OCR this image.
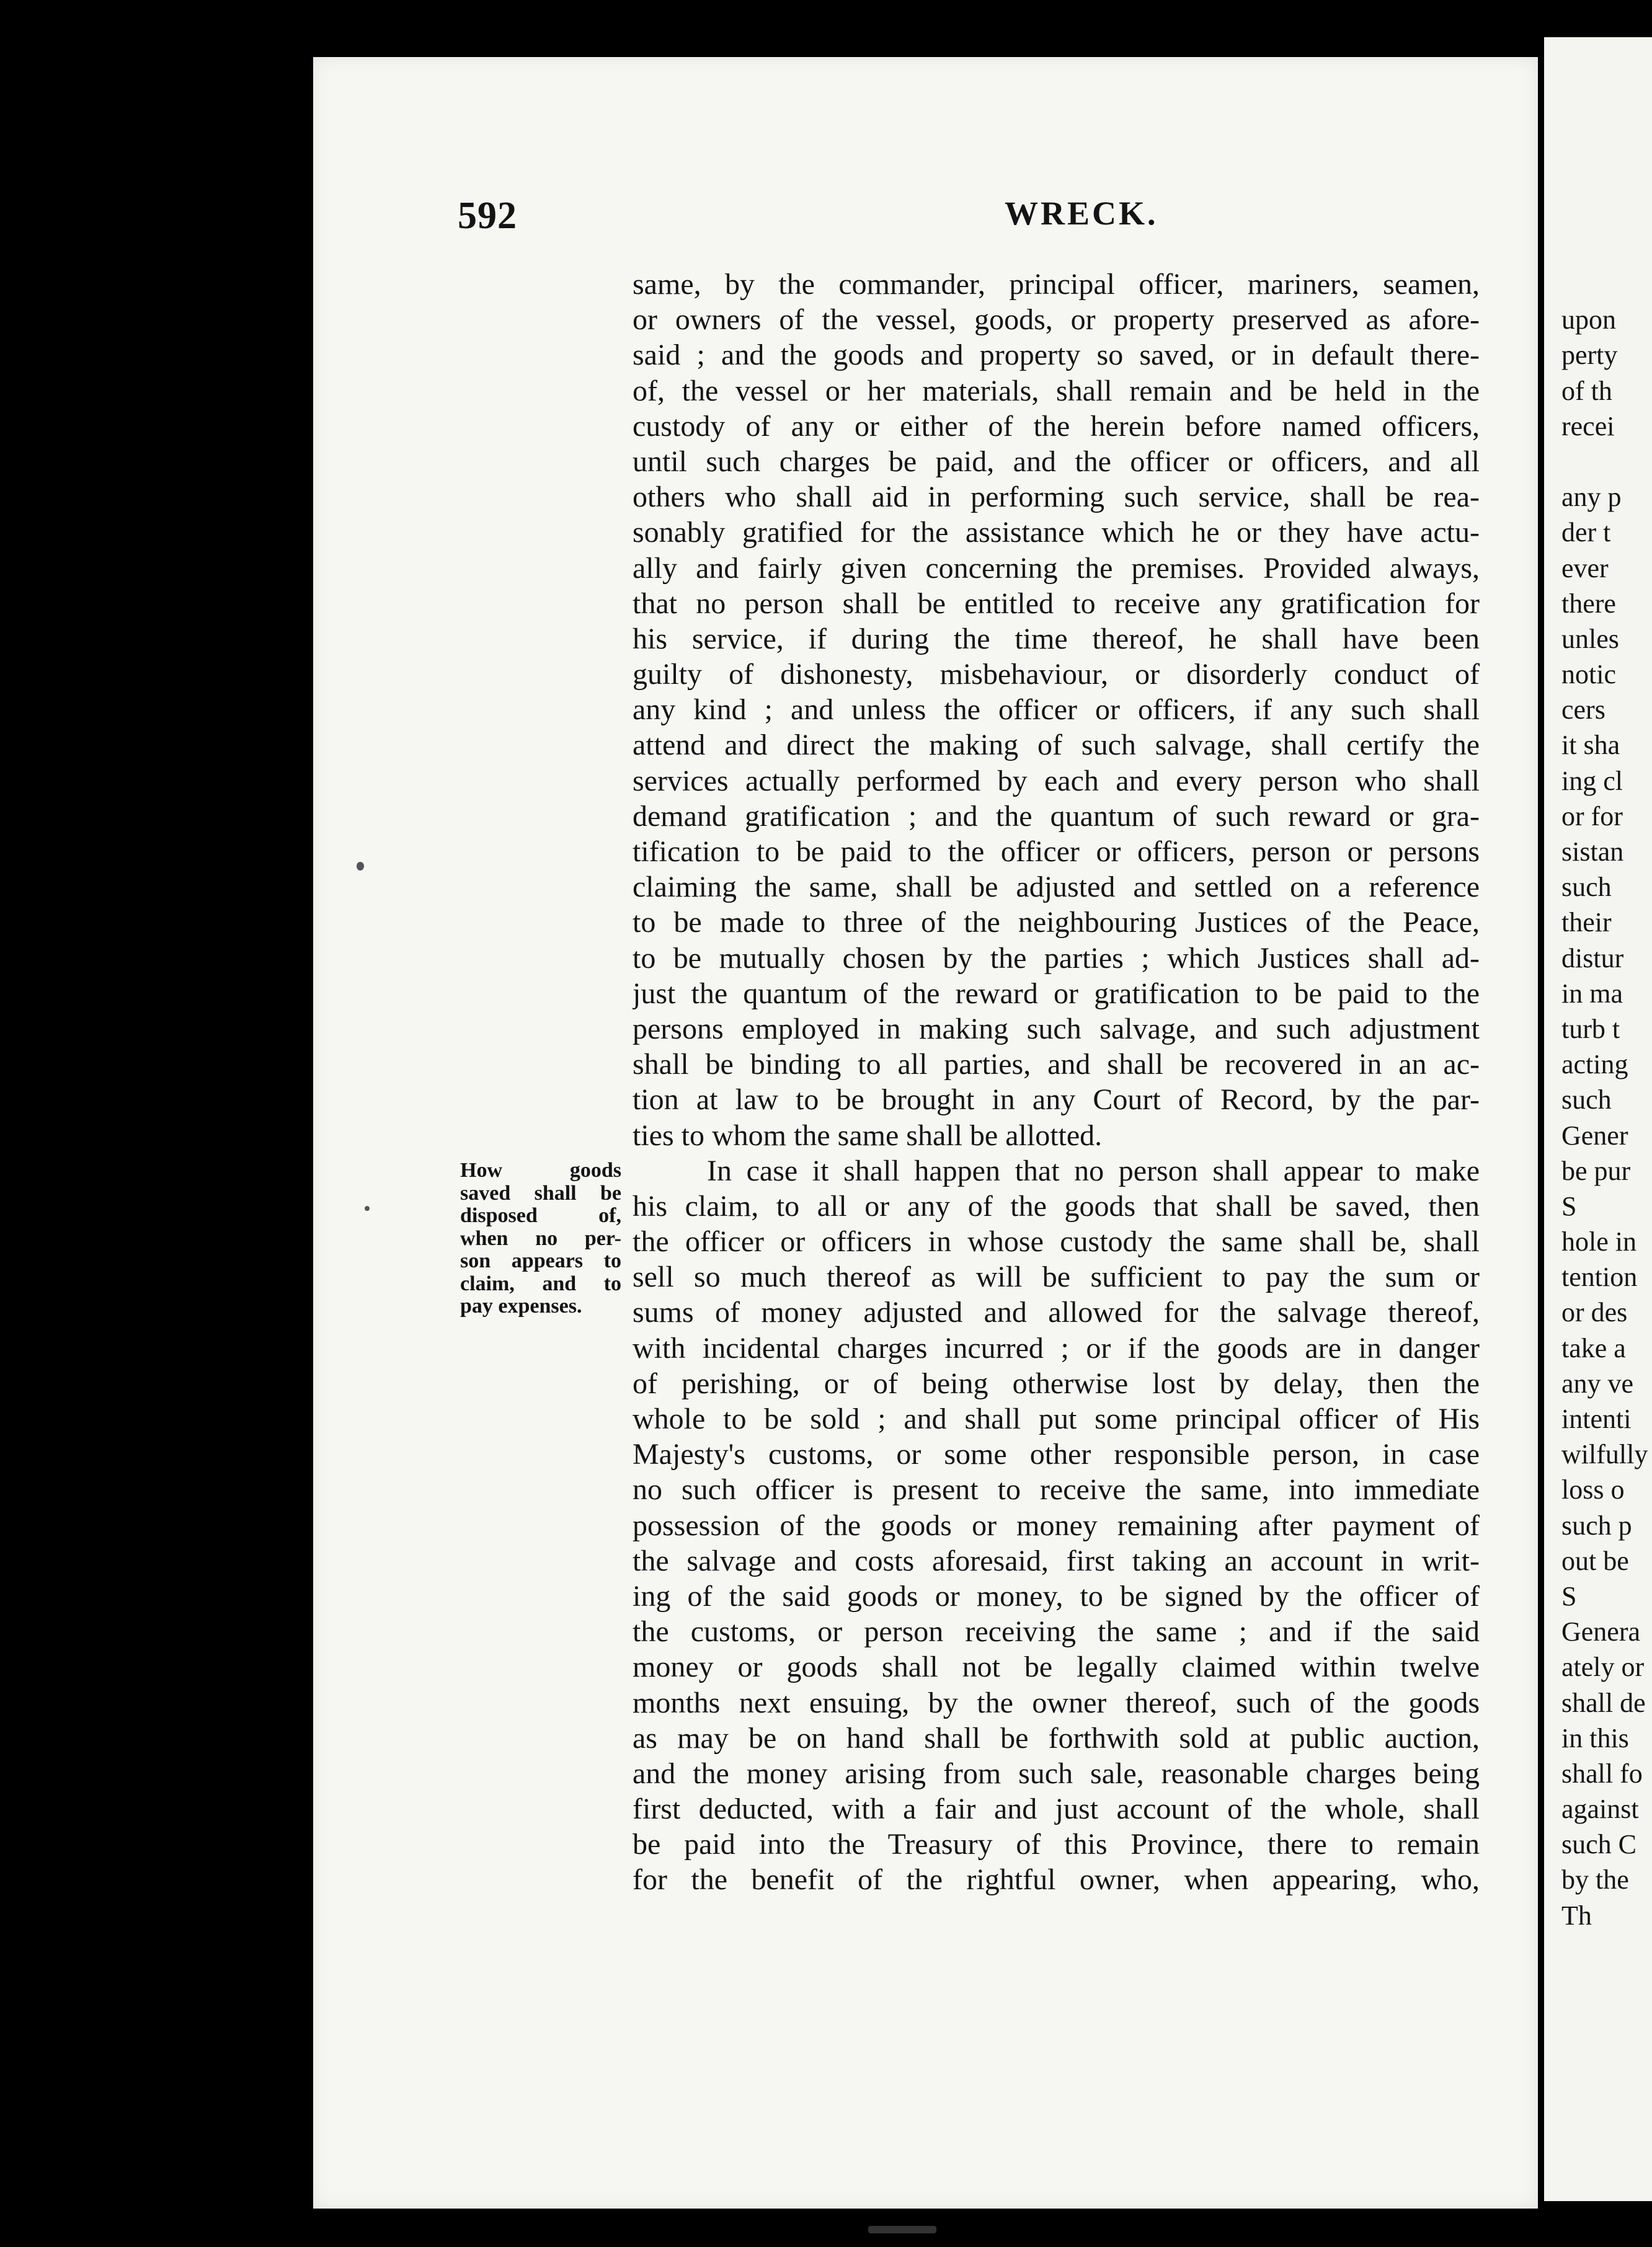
592	WRECK.
How goods
saved shall be
disposed of,
when no per-
son appears to
claim, and to
pay expenses.
same, by the commander, principal officer, mariners, seamen,
or owners of the vessel, goods, or property preserved as afore-
said ; and the goods and property so saved, or in default there-
of, the vessel or her materials, shall remain and be held in the
custody of any or either of the herein before named officers,
until such charges be paid, and the officer or officers, and all
others who shall aid in performing such service, shall be rea-
sonably gratified for the assistance which he or they have actu-
ally and fairly given concerning the premises. Provided always,
that no person shall be entitled to receive any gratification for
his service, if during the time thereof, he shall have been
guilty of dishonesty, misbehaviour, or disorderly conduct of
any kind ; and unless the officer or officers, if any such shall
attend and direct the making of such salvage, shall certify the
services actually performed by each and every person who shall
demand gratification ; and the quantum of such reward or gra-
tification to be paid to the officer or officers, person or persons
claiming the same, shall be adjusted and settled on a reference
to be made to three of the neighbouring Justices of the Peace,
to be mutually chosen by the parties ; which Justices shall ad-
just the quantum of the reward or gratification to be paid to the
persons employed in making such salvage, and such adjustment
shall be binding to all parties, and shall be recovered in an ac-
tion at law to be brought in any Court of Record, by the par-
ties to whom the same shall be allotted.
In case it shall happen that no person shall appear to make
his claim, to all or any of the goods that shall be saved, then
the officer or officers in whose custody the same shall be, shall
sell so much thereof as will be sufficient to pay the sum or
sums of money adjusted and allowed for the salvage thereof,
with incidental charges incurred ; or if the goods are in danger
of perishing, or of being otherwise lost by delay, then the
whole to be sold ; and shall put some principal officer of His
Majesty's customs, or some other responsible person, in case
no such officer is present to receive the same, into immediate
possession of the goods or money remaining after payment of
the salvage and costs aforesaid, first taking an account in writ-
ing of the said goods or money, to be signed by the officer of
the customs, or person receiving the same ; and if the said
money or goods shall not be legally claimed within twelve
months next ensuing, by the owner thereof, such of the goods
as may be on hand shall be forthwith sold at public auction,
and the money arising from such sale, reasonable charges being
first deducted, with a fair and just account of the whole, shall
be paid into the Treasury of this Province, there to remain
for the benefit of the rightful owner, when appearing, who,
upon
perty
of th
recei
any p
der t
ever
there
unles
notic
cers
it sha
ing cl
or for
sistan
such
their
distur
in ma
turb t
acting
such
Gener
be pur
S
hole in
tention
or des
take a
any ve
intenti
wilfully
loss o
such p
out be
S
Genera
ately or
shall de
in this
shall fo
against
such C
by the
Th
